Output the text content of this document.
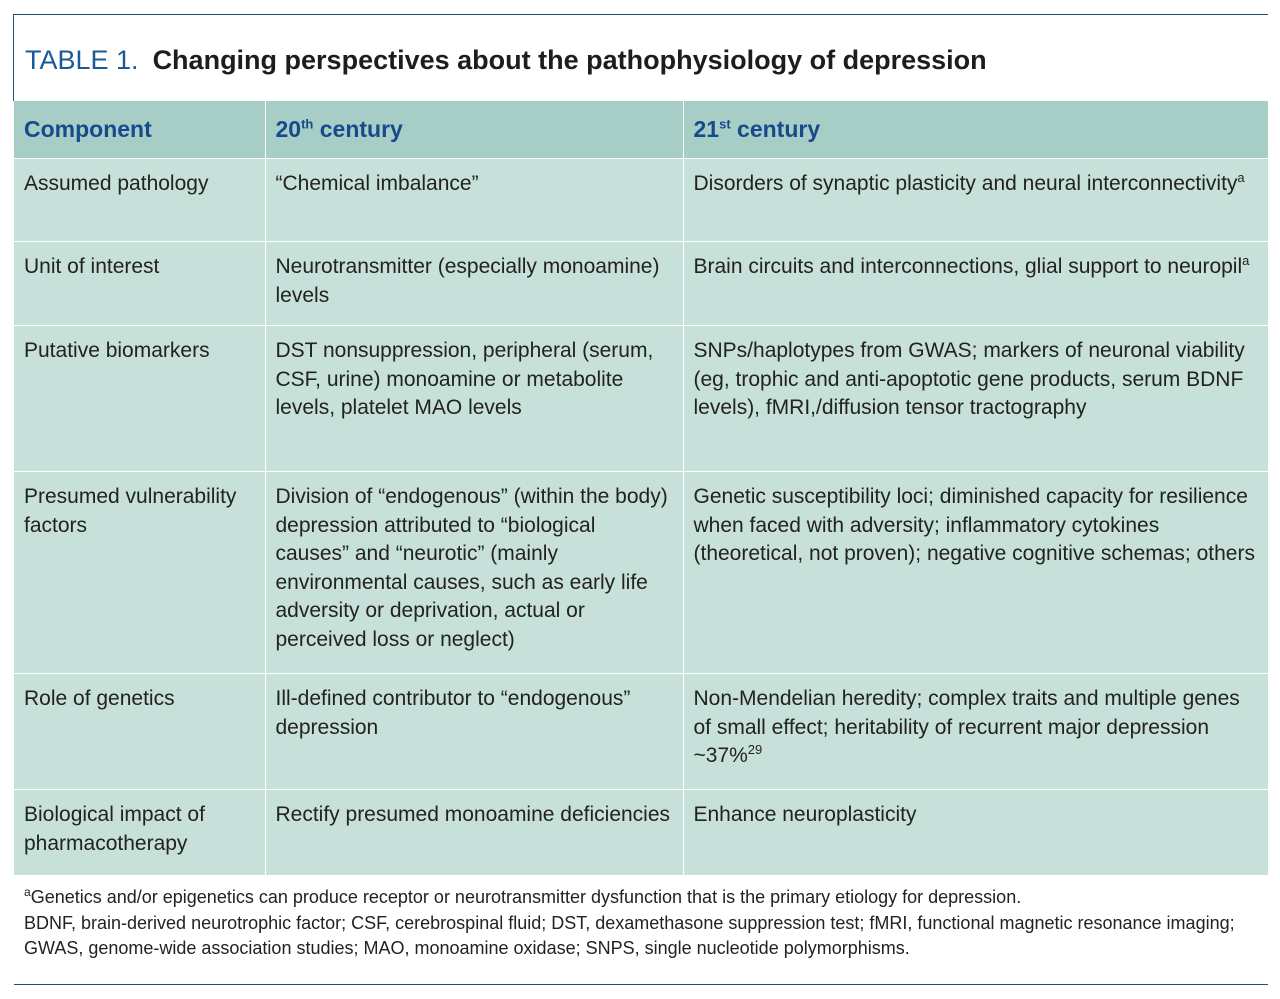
TABLE 1. Changing perspectives about the pathophysiology of depression
Component	20th century	21st century
Assumed pathology	“Chemical imbalance”	Disorders of synaptic plasticity and neural interconnectivity$^a$
Unit of interest	Neurotransmitter (especially monoamine) levels	Brain circuits and interconnections, glial support to neuropil$^a$
Putative biomarkers	DST nonsuppression, peripheral (serum, CSF, urine) monoamine or metabolite levels, platelet MAO levels	SNPs/haplotypes from GWAS; markers of neuronal viability (eg, trophic and anti-apoptotic gene products, serum BDNF levels), fMRI,/diffusion tensor tractography
Presumed vulnerability factors	Division of “endogenous” (within the body) depression attributed to “biological causes” and “neurotic” (mainly environmental causes, such as early life adversity or deprivation, actual or perceived loss or neglect)	Genetic susceptibility loci; diminished capacity for resilience when faced with adversity; inflammatory cytokines (theoretical, not proven); negative cognitive schemas; others
Role of genetics	Ill-defined contributor to “endogenous” depression	Non-Mendelian heredity; complex traits and multiple genes of small effect; heritability of recurrent major depression ~37%$^{29}$
Biological impact of pharmacotherapy	Rectify presumed monoamine deficiencies	Enhance neuroplasticity
$^a$Genetics and/or epigenetics can produce receptor or neurotransmitter dysfunction that is the primary etiology for depression.
BDNF, brain-derived neurotrophic factor; CSF, cerebrospinal fluid; DST, dexamethasone suppression test; fMRI, functional magnetic resonance imaging; GWAS, genome-wide association studies; MAO, monoamine oxidase; SNPS, single nucleotide polymorphisms.
